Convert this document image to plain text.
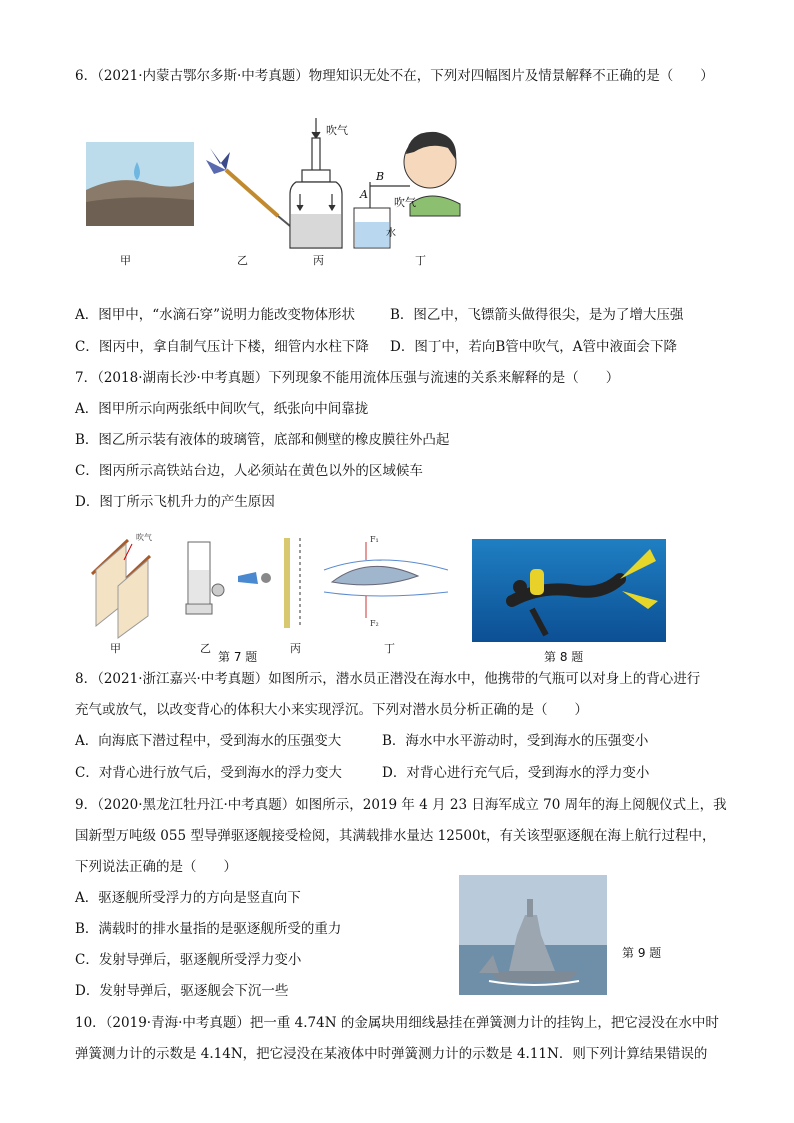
6．（2021·内蒙古鄂尔多斯·中考真题）物理知识无处不在，下列对四幅图片及情景解释不正确的是（　　）
吹气
B
A
吹气
水
甲	乙	丙	丁
A．图甲中，“水滴石穿”说明力能改变物体形状	B．图乙中，飞镖箭头做得很尖，是为了增大压强
C．图丙中，拿自制气压计下楼，细管内水柱下降 D．图丁中，若向B管中吹气，A管中液面会下降
7．（2018·湖南长沙·中考真题）下列现象不能用流体压强与流速的关系来解释的是（　　）
A．图甲所示向两张纸中间吹气，纸张向中间靠拢
B．图乙所示装有液体的玻璃管，底部和侧壁的橡皮膜往外凸起
C．图丙所示高铁站台边，人必须站在黄色以外的区域候车
D．图丁所示飞机升力的产生原因
吹气	F₁
F₂
甲	乙	丙	丁
第 7 题	第 8 题
8．（2021·浙江嘉兴·中考真题）如图所示，潜水员正潜没在海水中，他携带的气瓶可以对身上的背心进行
充气或放气，以改变背心的体积大小来实现浮沉。下列对潜水员分析正确的是（　　）
A．向海底下潜过程中，受到海水的压强变大	B．海水中水平游动时，受到海水的压强变小
C．对背心进行放气后，受到海水的浮力变大	D．对背心进行充气后，受到海水的浮力变小
9．（2020·黑龙江牡丹江·中考真题）如图所示，2019 年 4 月 23 日海军成立 70 周年的海上阅舰仪式上，我
国新型万吨级 055 型导弹驱逐舰接受检阅，其满载排水量达 12500t，有关该型驱逐舰在海上航行过程中，
下列说法正确的是（　　）
A．驱逐舰所受浮力的方向是竖直向下
B．满载时的排水量指的是驱逐舰所受的重力
C．发射导弹后，驱逐舰所受浮力变小
D．发射导弹后，驱逐舰会下沉一些
第 9 题
10．（2019·青海·中考真题）把一重 4.74N 的金属块用细线悬挂在弹簧测力计的挂钩上，把它浸没在水中时
弹簧测力计的示数是 4.14N，把它浸没在某液体中时弹簧测力计的示数是 4.11N．则下列计算结果错误的
